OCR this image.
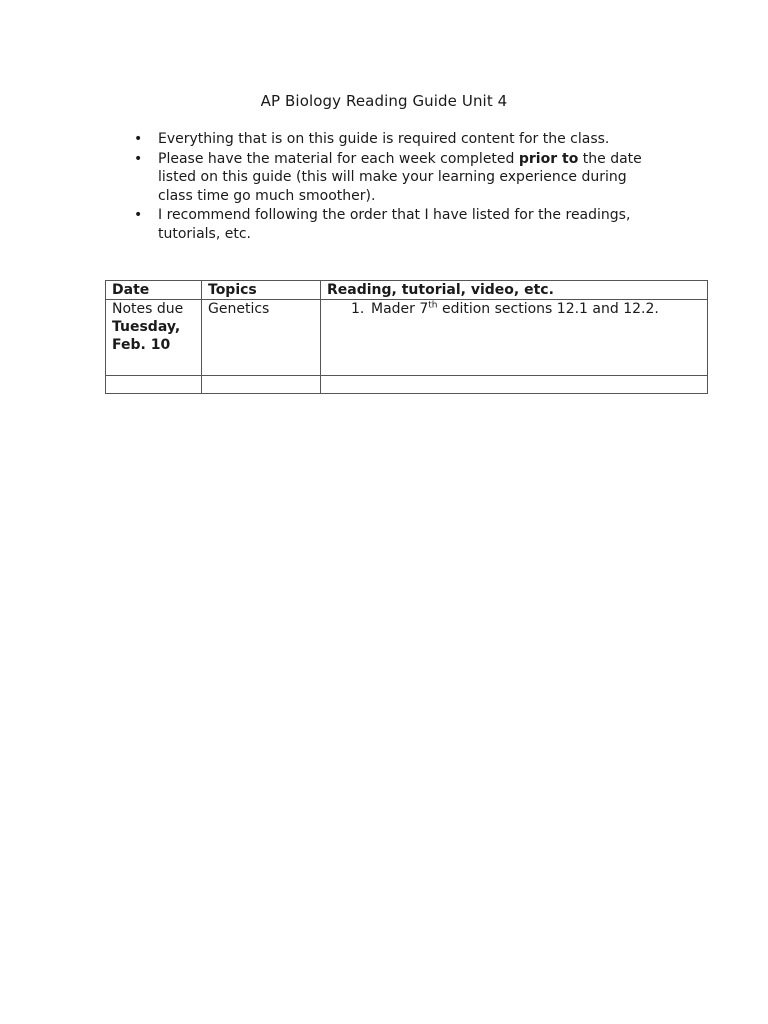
AP Biology Reading Guide Unit 4
• Everything that is on this guide is required content for the class.
• Please have the material for each week completed prior to the date listed on this guide (this will make your learning experience during class time go much smoother).
• I recommend following the order that I have listed for the readings, tutorials, etc.
Date	Topics	Reading, tutorial, video, etc.

Notes due
Tuesday,
Feb. 10	Genetics	1. Mader 7th edition sections 12.1 and 12.2.
